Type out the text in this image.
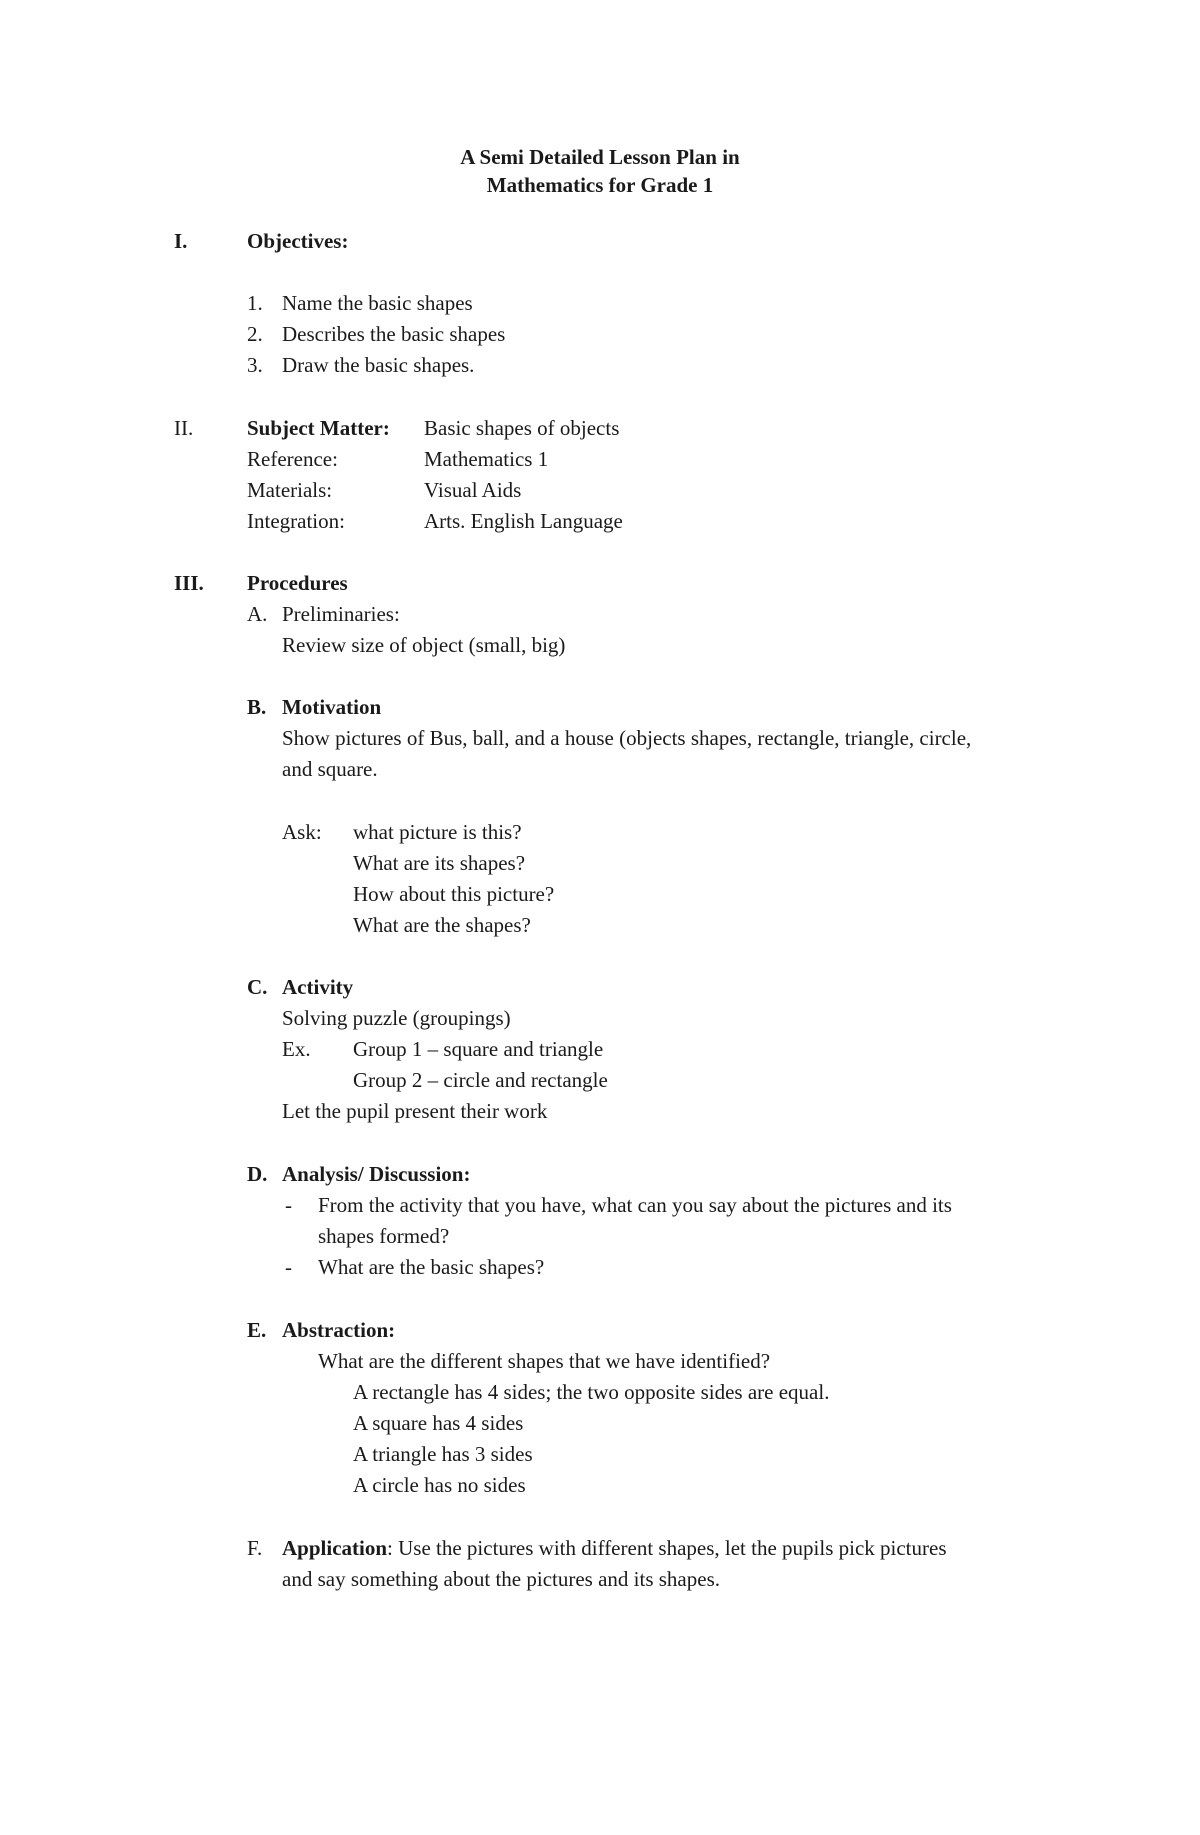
A Semi Detailed Lesson Plan in
Mathematics for Grade 1
I.	Objectives:
1. Name the basic shapes
2. Describes the basic shapes
3. Draw the basic shapes.
II.	Subject Matter: Basic shapes of objects
Reference:	Mathematics 1
Materials:	Visual Aids
Integration:	Arts. English Language
III. Procedures
A. Preliminaries:
Review size of object (small, big)
B. Motivation
Show pictures of Bus, ball, and a house (objects shapes, rectangle, triangle, circle,
and square.
Ask: what picture is this?
What are its shapes?
How about this picture?
What are the shapes?
C. Activity
Solving puzzle (groupings)
Ex. Group 1 – square and triangle
Group 2 – circle and rectangle
Let the pupil present their work
D. Analysis/ Discussion:
- From the activity that you have, what can you say about the pictures and its
shapes formed?
- What are the basic shapes?
E. Abstraction:
What are the different shapes that we have identified?
A rectangle has 4 sides; the two opposite sides are equal.
A square has 4 sides
A triangle has 3 sides
A circle has no sides
F. Application: Use the pictures with different shapes, let the pupils pick pictures
and say something about the pictures and its shapes.
